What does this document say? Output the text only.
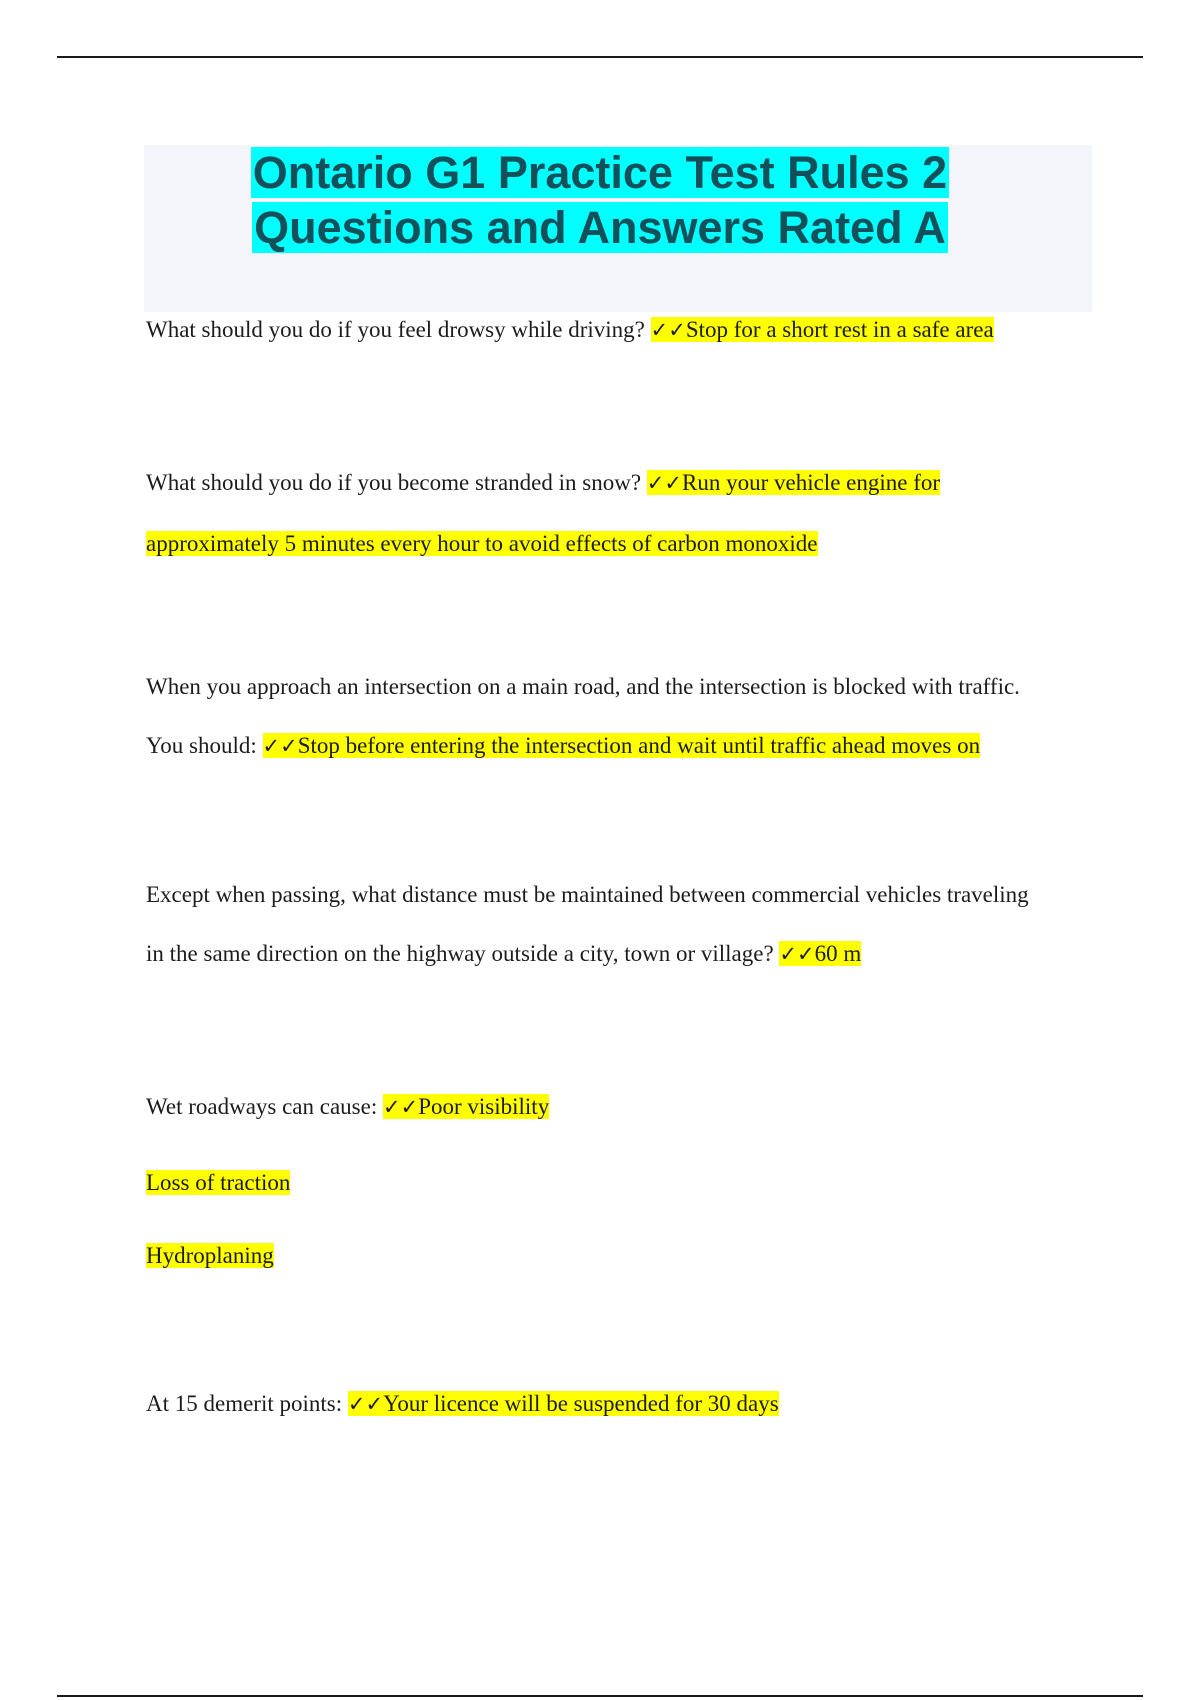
Ontario G1 Practice Test Rules 2
Questions and Answers Rated A
What should you do if you feel drowsy while driving? ✓✓Stop for a short rest in a safe area
What should you do if you become stranded in snow? ✓✓Run your vehicle engine for
approximately 5 minutes every hour to avoid effects of carbon monoxide
When you approach an intersection on a main road, and the intersection is blocked with traffic.
You should: ✓✓Stop before entering the intersection and wait until traffic ahead moves on
Except when passing, what distance must be maintained between commercial vehicles traveling
in the same direction on the highway outside a city, town or village? ✓✓60 m
Wet roadways can cause: ✓✓Poor visibility
Loss of traction
Hydroplaning
At 15 demerit points: ✓✓Your licence will be suspended for 30 days
